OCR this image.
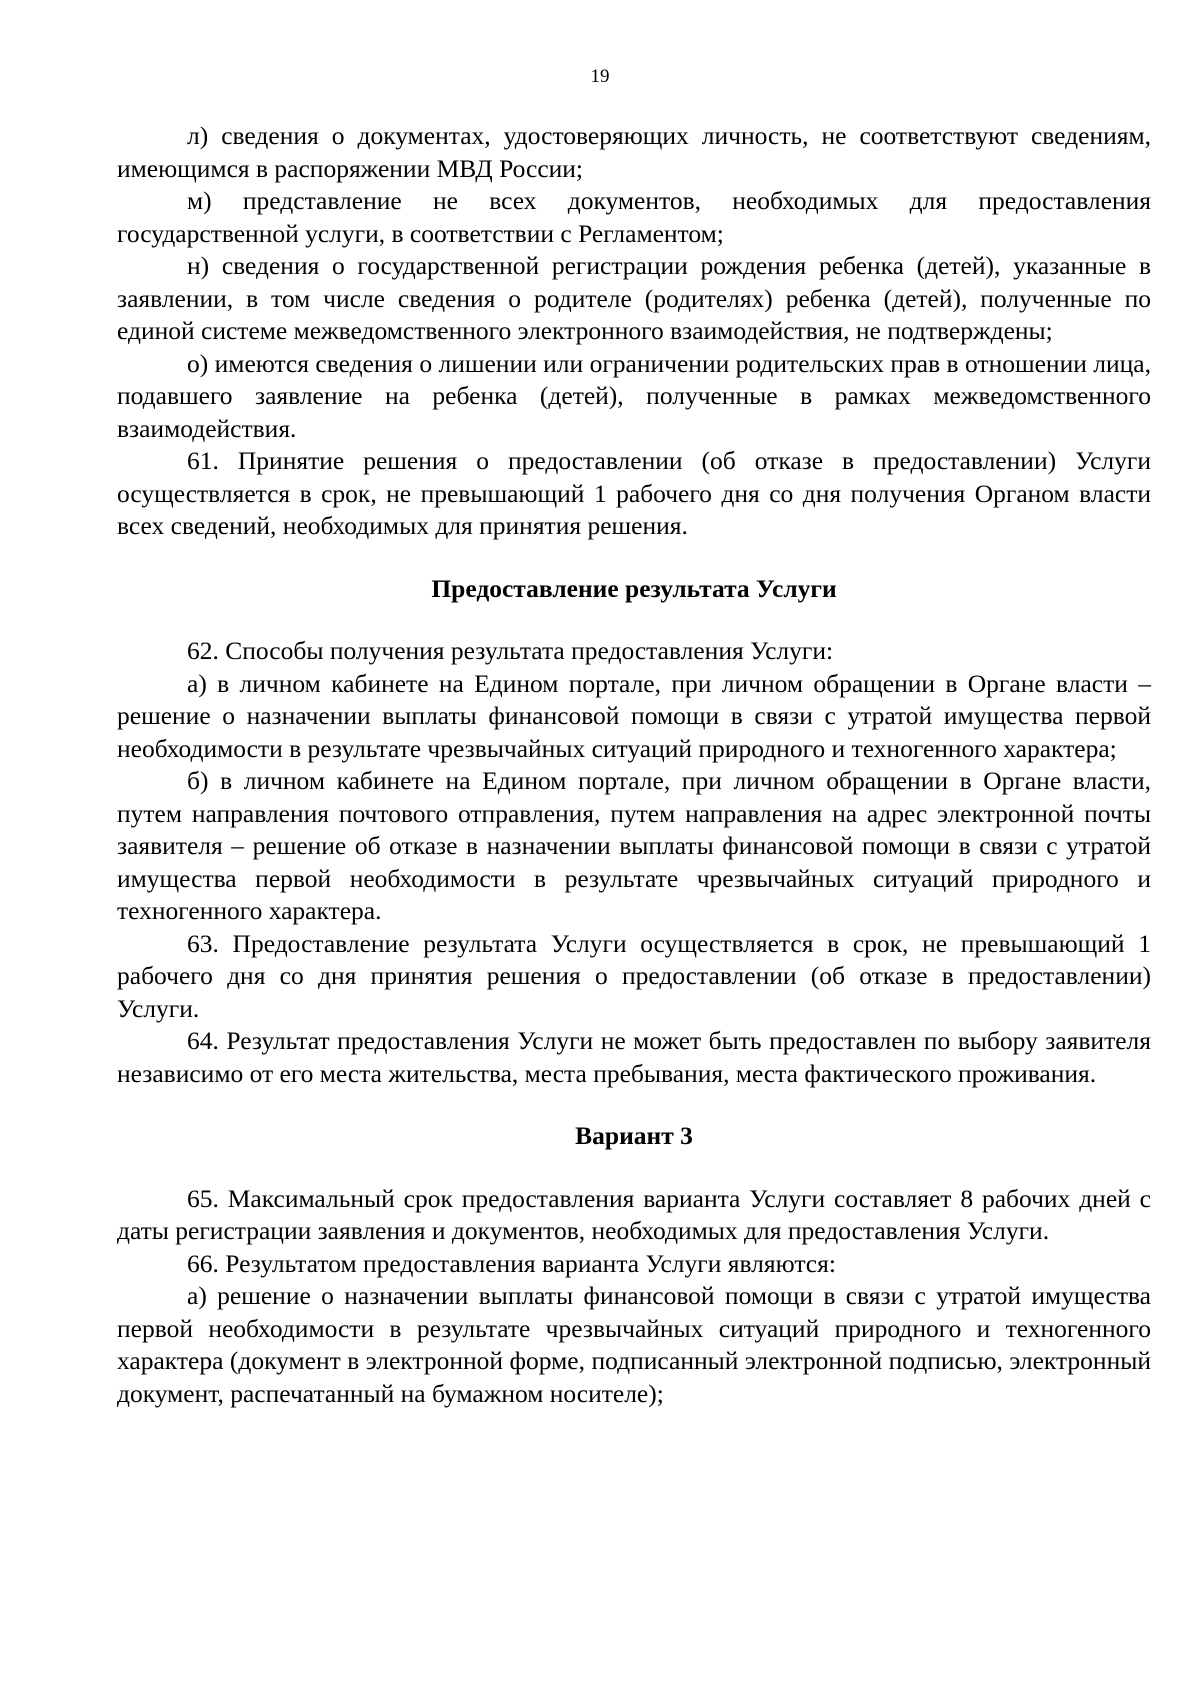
19

л) сведения о документах, удостоверяющих личность, не соответствуют сведениям, имеющимся в распоряжении МВД России;

м) представление не всех документов, необходимых для предоставления государственной услуги, в соответствии с Регламентом;

н) сведения о государственной регистрации рождения ребенка (детей), указанные в заявлении, в том числе сведения о родителе (родителях) ребенка (детей), полученные по единой системе межведомственного электронного взаимодействия, не подтверждены;

о) имеются сведения о лишении или ограничении родительских прав в отношении лица, подавшего заявление на ребенка (детей), полученные в рамках межведомственного взаимодействия.

61. Принятие решения о предоставлении (об отказе в предоставлении) Услуги осуществляется в срок, не превышающий 1 рабочего дня со дня получения Органом власти всех сведений, необходимых для принятия решения.

Предоставление результата Услуги

62. Способы получения результата предоставления Услуги:

а) в личном кабинете на Едином портале, при личном обращении в Органе власти – решение о назначении выплаты финансовой помощи в связи с утратой имущества первой необходимости в результате чрезвычайных ситуаций природного и техногенного характера;

б) в личном кабинете на Едином портале, при личном обращении в Органе власти, путем направления почтового отправления, путем направления на адрес электронной почты заявителя – решение об отказе в назначении выплаты финансовой помощи в связи с утратой имущества первой необходимости в результате чрезвычайных ситуаций природного и техногенного характера.

63. Предоставление результата Услуги осуществляется в срок, не превышающий 1 рабочего дня со дня принятия решения о предоставлении (об отказе в предоставлении) Услуги.

64. Результат предоставления Услуги не может быть предоставлен по выбору заявителя независимо от его места жительства, места пребывания, места фактического проживания.

Вариант 3

65. Максимальный срок предоставления варианта Услуги составляет 8 рабочих дней с даты регистрации заявления и документов, необходимых для предоставления Услуги.

66. Результатом предоставления варианта Услуги являются:

а) решение о назначении выплаты финансовой помощи в связи с утратой имущества первой необходимости в результате чрезвычайных ситуаций природного и техногенного характера (документ в электронной форме, подписанный электронной подписью, электронный документ, распечатанный на бумажном носителе);
